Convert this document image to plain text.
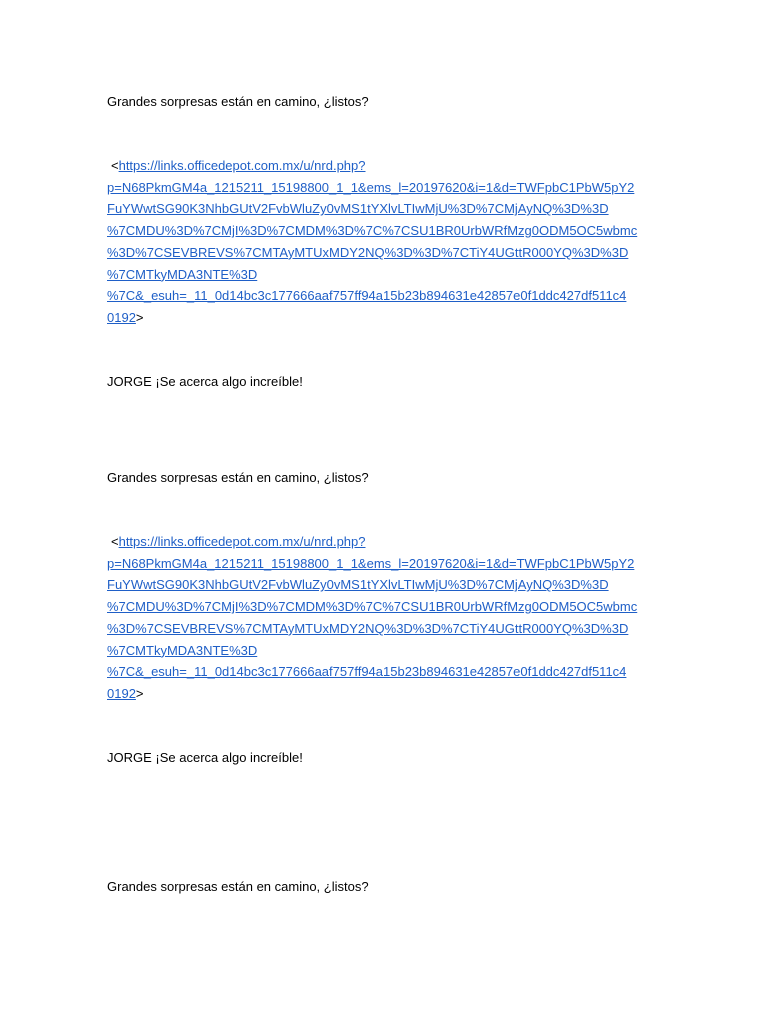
Grandes sorpresas están en camino, ¿listos?

<https://links.officedepot.com.mx/u/nrd.php?
p=N68PkmGM4a_1215211_15198800_1_1&ems_l=20197620&i=1&d=TWFpbC1PbW5pY2
FuYWwtSG90K3NhbGUtV2FvbWluZy0vMS1tYXlvLTIwMjU%3D%7CMjAyNQ%3D%3D
%7CMDU%3D%7CMjI%3D%7CMDM%3D%7C%7CSU1BR0UrbWRfMzg0ODM5OC5wbmc
%3D%7CSEVBREVS%7CMTAyMTUxMDY2NQ%3D%3D%7CTiY4UGttR000YQ%3D%3D
%7CMTkyMDA3NTE%3D
%7C&_esuh=_11_0d14bc3c177666aaf757ff94a15b23b894631e42857e0f1ddc427df511c4
0192>

JORGE ¡Se acerca algo increíble!

Grandes sorpresas están en camino, ¿listos?

<https://links.officedepot.com.mx/u/nrd.php?
p=N68PkmGM4a_1215211_15198800_1_1&ems_l=20197620&i=1&d=TWFpbC1PbW5pY2
FuYWwtSG90K3NhbGUtV2FvbWluZy0vMS1tYXlvLTIwMjU%3D%7CMjAyNQ%3D%3D
%7CMDU%3D%7CMjI%3D%7CMDM%3D%7C%7CSU1BR0UrbWRfMzg0ODM5OC5wbmc
%3D%7CSEVBREVS%7CMTAyMTUxMDY2NQ%3D%3D%7CTiY4UGttR000YQ%3D%3D
%7CMTkyMDA3NTE%3D
%7C&_esuh=_11_0d14bc3c177666aaf757ff94a15b23b894631e42857e0f1ddc427df511c4
0192>

JORGE ¡Se acerca algo increíble!

Grandes sorpresas están en camino, ¿listos?
